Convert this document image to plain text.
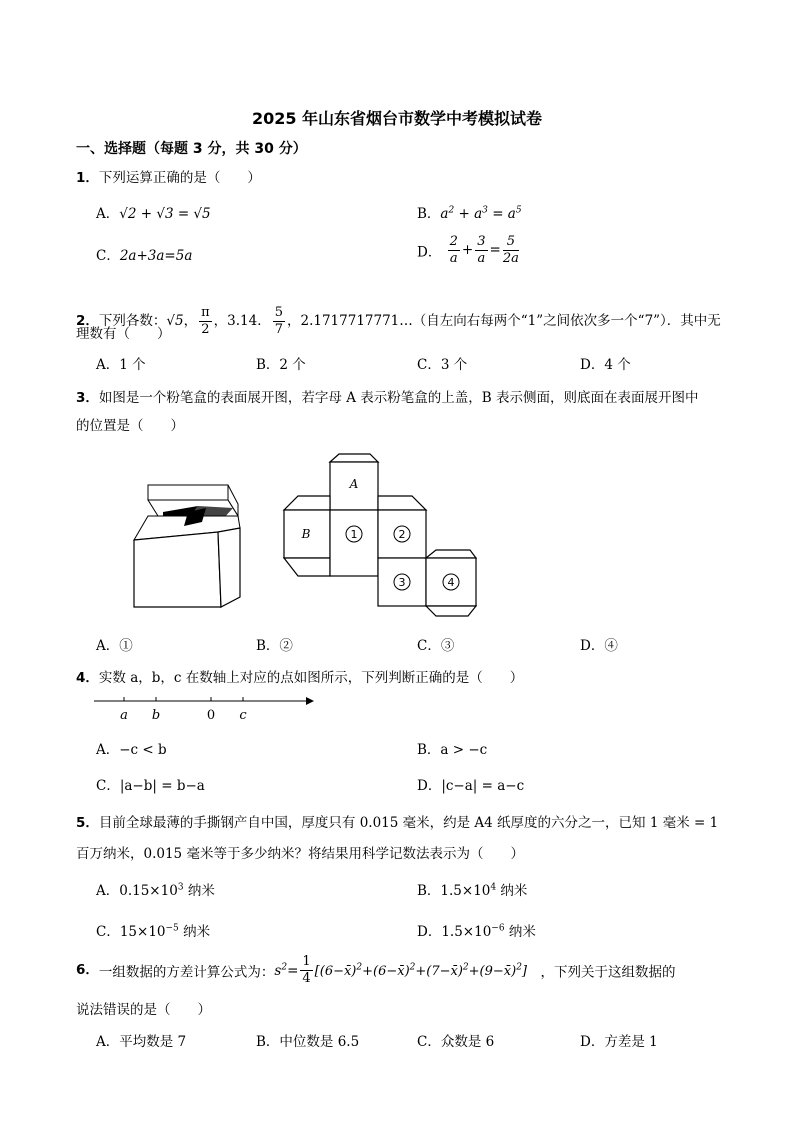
2025 年山东省烟台市数学中考模拟试卷
一、选择题（每题 3 分，共 30 分）
1．下列运算正确的是（　　）
A．√2 + √3 = √5	B．$a^2 + a^3 = a^5$
C．2a+3a=5a	D． $\frac{2}{a} + \frac{3}{a} = \frac{5}{2a}$
2．下列各数：√5， $\frac{\pi}{2}$ ，3.14． $\frac{5}{7}$ ，2.1717717771…（自左向右每两个“1”之间依次多一个“7”）．其中无
理数有（　　）
A．1 个	B．2 个	C．3 个	D．4 个
3．如图是一个粉笔盒的表面展开图，若字母 A 表示粉笔盒的上盖，B 表示侧面，则底面在表面展开图中
的位置是（　　）
A
B	1	2
3	4
A．①	B．②	C．③	D．④
4．实数 a，b，c 在数轴上对应的点如图所示，下列判断正确的是（　　）
a b	0 c
A．−c < b	B．a > −c
C．|a−b| = b−a	D．|c−a| = a−c
5．目前全球最薄的手撕钢产自中国，厚度只有 0.015 毫米，约是 A4 纸厚度的六分之一，已知 1 毫米 = 1
百万纳米，0.015 毫米等于多少纳米？将结果用科学记数法表示为（　　）
A．$0.15\times 10^3$ 纳米	B．$1.5\times 10^4$ 纳米
C．$15\times 10^{-5}$ 纳米	D．$1.5\times 10^{-6}$ 纳米
6．一组数据的方差计算公式为：$s^2= \frac{1}{4}$ [(6−x̄)$^2$+(6−x̄)$^2$+(7−x̄)$^2$+(9−x̄)$^2$]　 ，下列关于这组数据的
说法错误的是（　　）
A．平均数是 7	B．中位数是 6.5	C．众数是 6	D．方差是 1
